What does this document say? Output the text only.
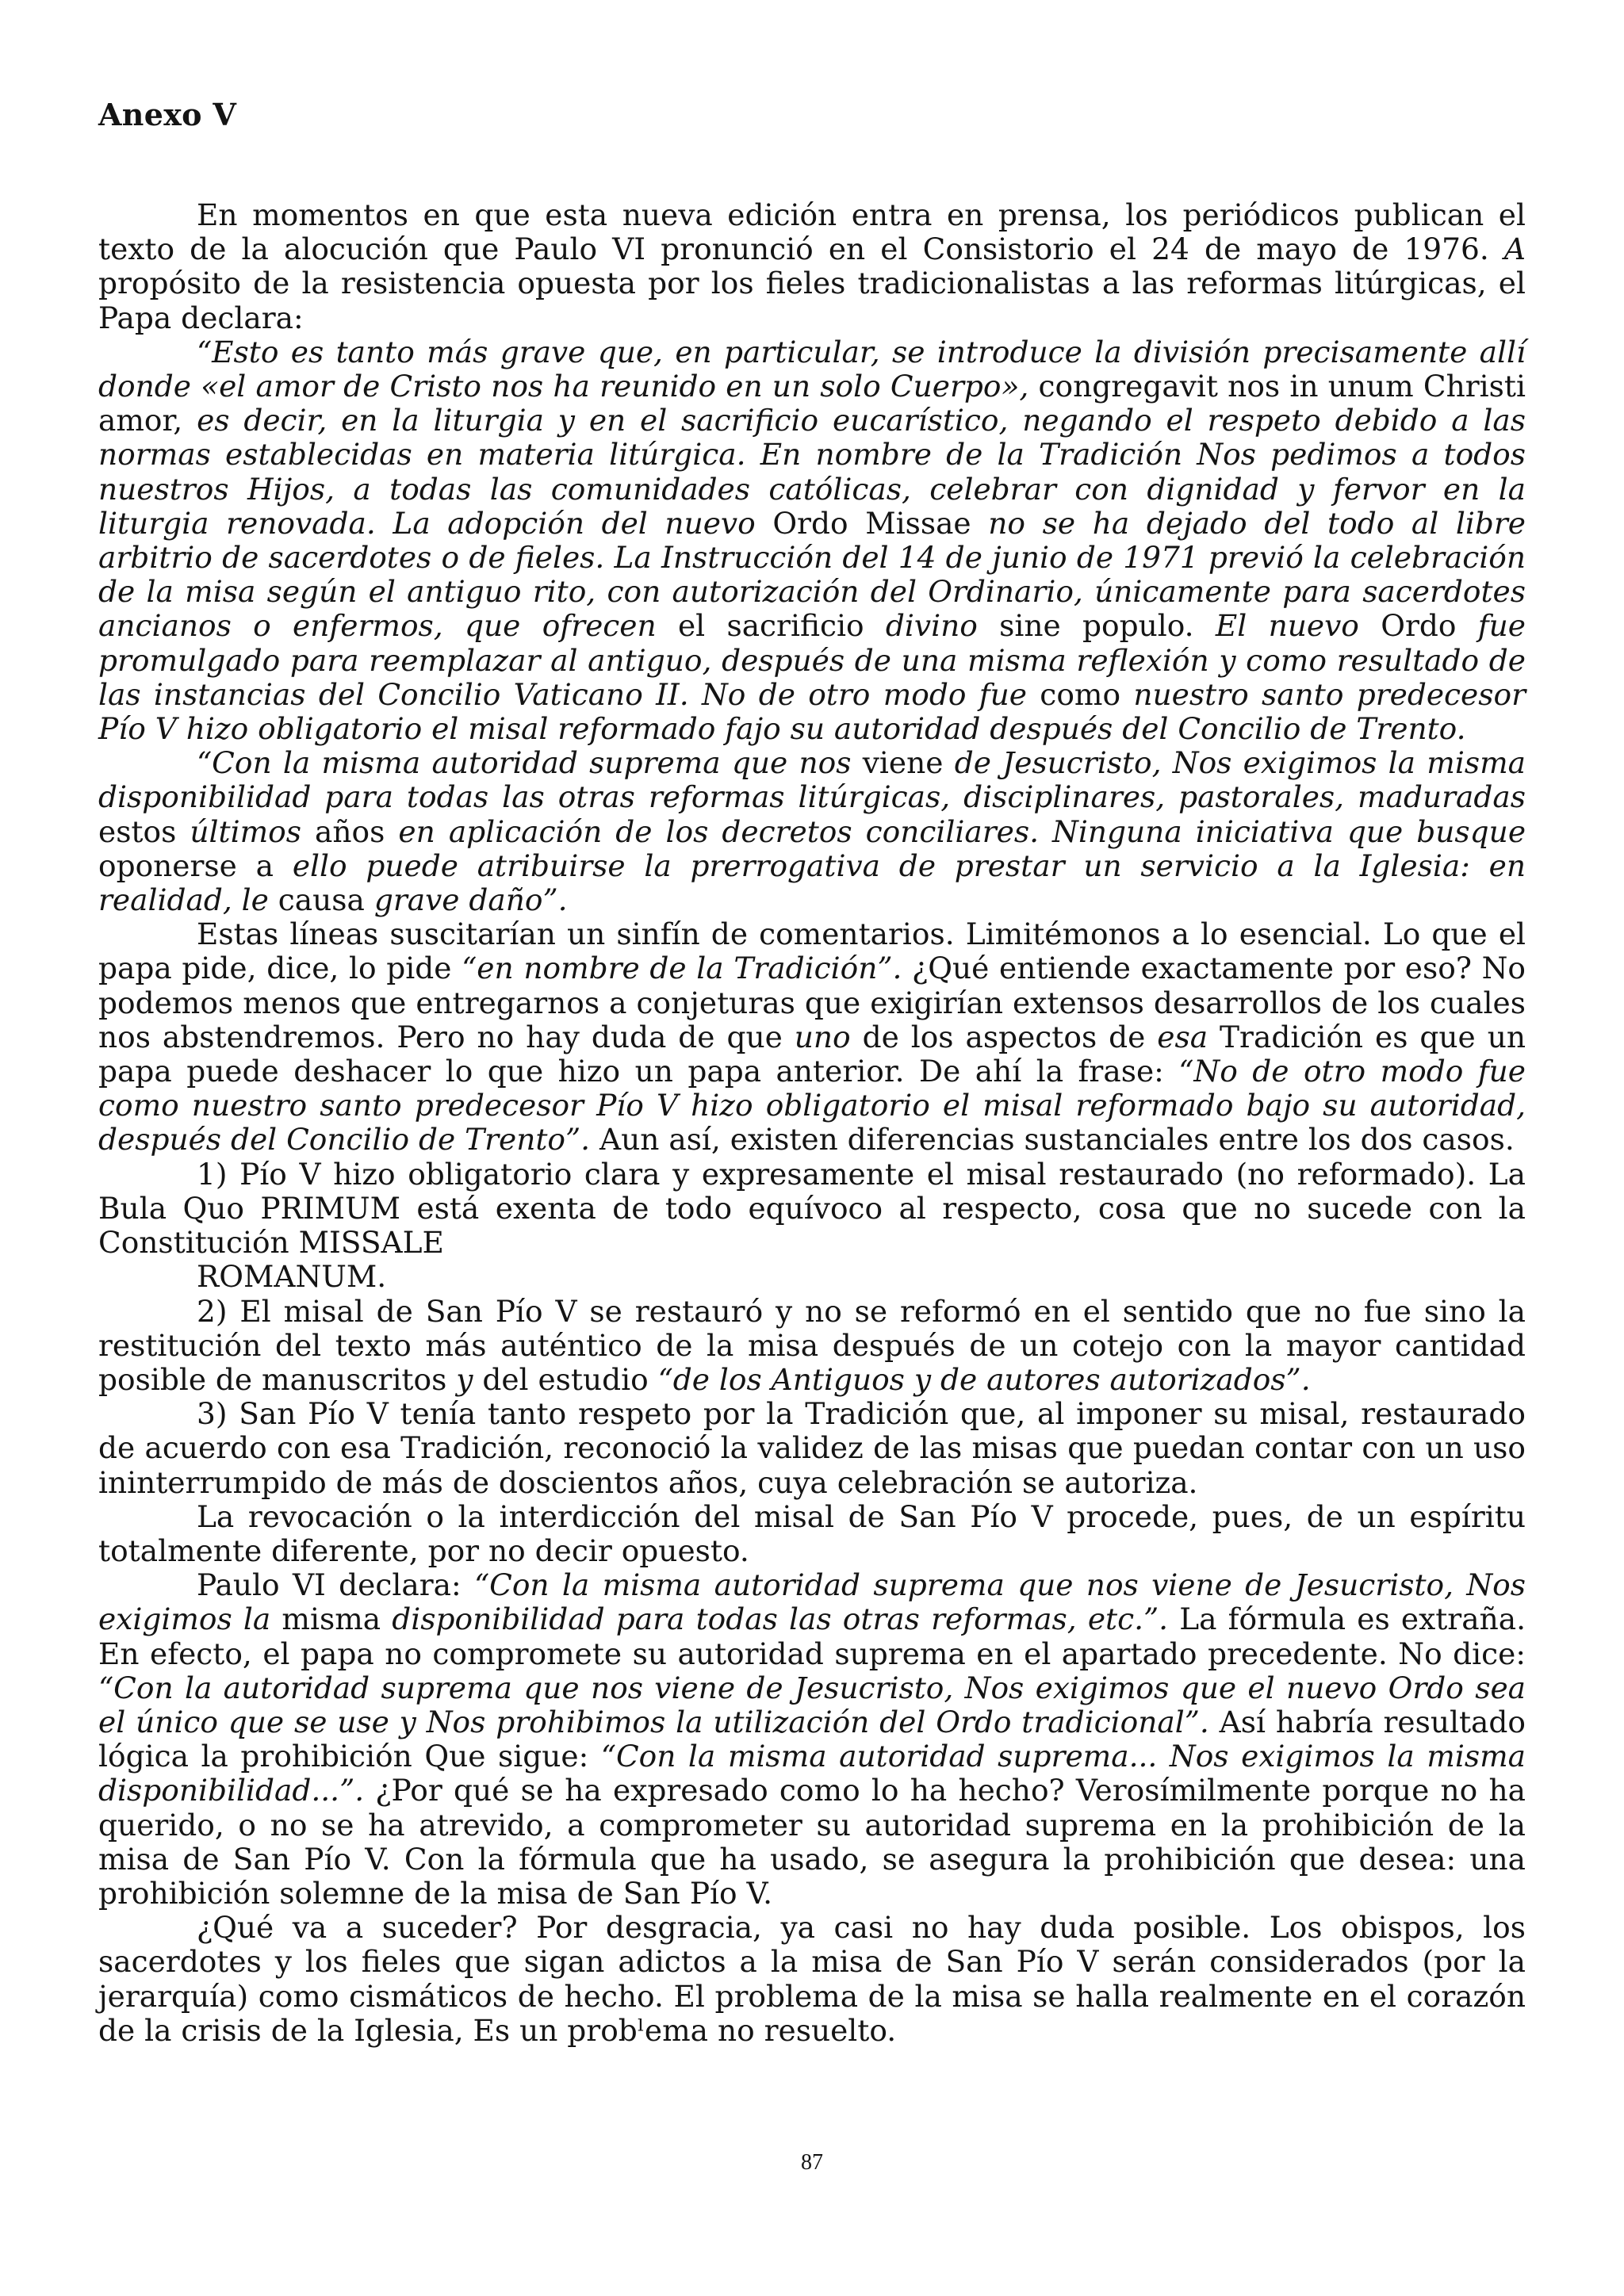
Anexo V

En momentos en que esta nueva edición entra en prensa, los periódicos publican el texto de la alocución que Paulo VI pronunció en el Consistorio el 24 de mayo de 1976. A propósito de la resistencia opuesta por los fieles tradicionalistas a las reformas litúrgicas, el Papa declara:

“Esto es tanto más grave que, en particular, se introduce la división precisamente allí donde «el amor de Cristo nos ha reunido en un solo Cuerpo», congregavit nos in unum Christi amor, es decir, en la liturgia y en el sacrificio eucarístico, negando el respeto debido a las normas establecidas en materia litúrgica. En nombre de la Tradición Nos pedimos a todos nuestros Hijos, a todas las comunidades católicas, celebrar con dignidad y fervor en la liturgia renovada. La adopción del nuevo Ordo Missae no se ha dejado del todo al libre arbitrio de sacerdotes o de fieles. La Instrucción del 14 de junio de 1971 previó la celebración de la misa según el antiguo rito, con autorización del Ordinario, únicamente para sacerdotes ancianos o enfermos, que ofrecen el sacrificio divino sine populo. El nuevo Ordo fue promulgado para reemplazar al antiguo, después de una misma reflexión y como resultado de las instancias del Concilio Vaticano II. No de otro modo fue como nuestro santo predecesor Pío V hizo obligatorio el misal reformado fajo su autoridad después del Concilio de Trento.

“Con la misma autoridad suprema que nos viene de Jesucristo, Nos exigimos la misma disponibilidad para todas las otras reformas litúrgicas, disciplinares, pastorales, maduradas estos últimos años en aplicación de los decretos conciliares. Ninguna iniciativa que busque oponerse a ello puede atribuirse la prerrogativa de prestar un servicio a la Iglesia: en realidad, le causa grave daño”.

Estas líneas suscitarían un sinfín de comentarios. Limitémonos a lo esencial. Lo que el papa pide, dice, lo pide “en nombre de la Tradición”. ¿Qué entiende exactamente por eso? No podemos menos que entregarnos a conjeturas que exigirían extensos desarrollos de los cuales nos abstendremos. Pero no hay duda de que uno de los aspectos de esa Tradición es que un papa puede deshacer lo que hizo un papa anterior. De ahí la frase: “No de otro modo fue como nuestro santo predecesor Pío V hizo obligatorio el misal reformado bajo su autoridad, después del Concilio de Trento”. Aun así, existen diferencias sustanciales entre los dos casos.

1) Pío V hizo obligatorio clara y expresamente el misal restaurado (no reformado). La Bula Quo PRIMUM está exenta de todo equívoco al respecto, cosa que no sucede con la Constitución MISSALE

ROMANUM.

2) El misal de San Pío V se restauró y no se reformó en el sentido que no fue sino la restitución del texto más auténtico de la misa después de un cotejo con la mayor cantidad posible de manuscritos y del estudio “de los Antiguos y de autores autorizados”.

3) San Pío V tenía tanto respeto por la Tradición que, al imponer su misal, restaurado de acuerdo con esa Tradición, reconoció la validez de las misas que puedan contar con un uso ininterrumpido de más de doscientos años, cuya celebración se autoriza.

La revocación o la interdicción del misal de San Pío V procede, pues, de un espíritu totalmente diferente, por no decir opuesto.

Paulo VI declara: “Con la misma autoridad suprema que nos viene de Jesucristo, Nos exigimos la misma disponibilidad para todas las otras reformas, etc.”. La fórmula es extraña. En efecto, el papa no compromete su autoridad suprema en el apartado precedente. No dice: “Con la autoridad suprema que nos viene de Jesucristo, Nos exigimos que el nuevo Ordo sea el único que se use y Nos prohibimos la utilización del Ordo tradicional”. Así habría resultado lógica la prohibición Que sigue: “Con la misma autoridad suprema... Nos exigimos la misma disponibilidad...”. ¿Por qué se ha expresado como lo ha hecho? Verosímilmente porque no ha querido, o no se ha atrevido, a comprometer su autoridad suprema en la prohibición de la misa de San Pío V. Con la fórmula que ha usado, se asegura la prohibición que desea: una prohibición solemne de la misa de San Pío V.

¿Qué va a suceder? Por desgracia, ya casi no hay duda posible. Los obispos, los sacerdotes y los fieles que sigan adictos a la misa de San Pío V serán considerados (por la jerarquía) como cismáticos de hecho. El problema de la misa se halla realmente en el corazón de la crisis de la Iglesia, Es un probˡema no resuelto.

87
